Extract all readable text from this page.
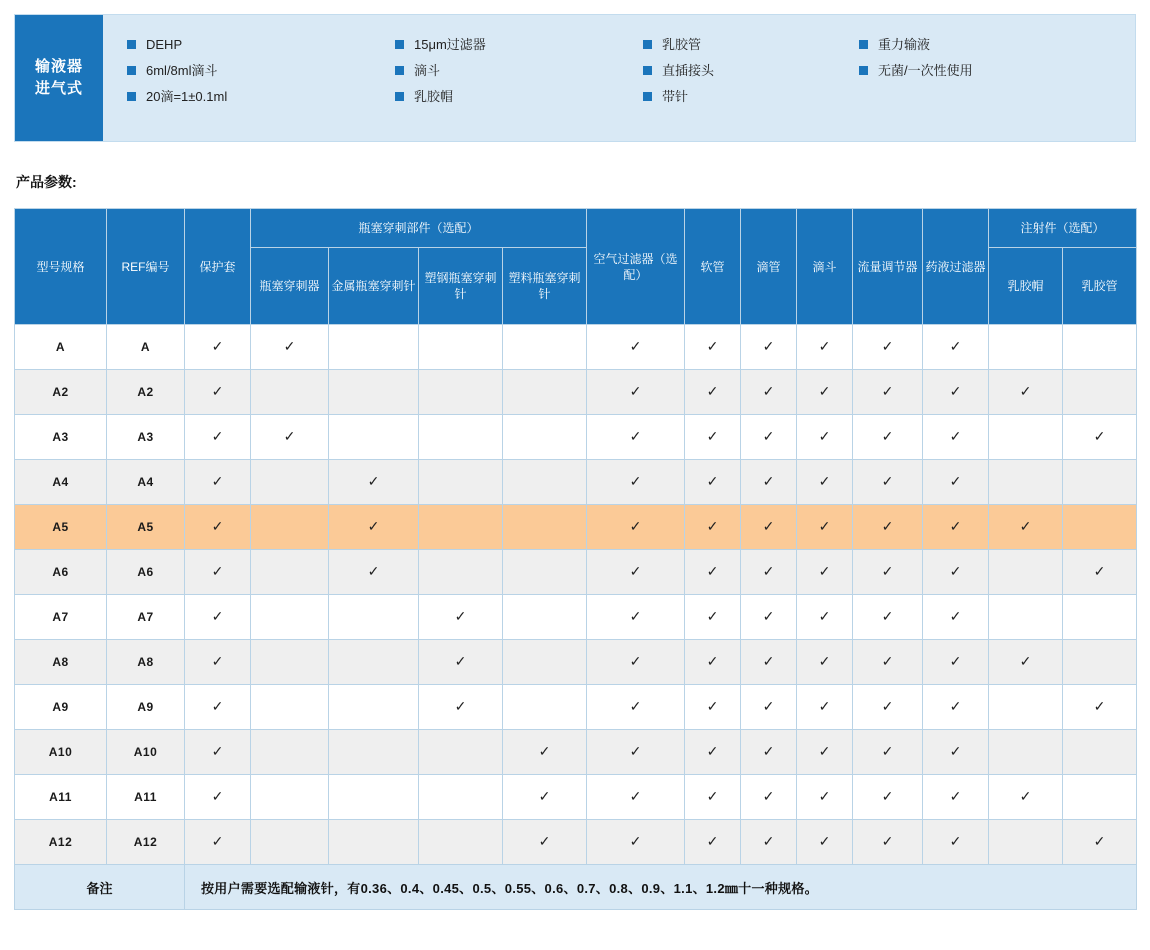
输液器
进气式
DEHP
6ml/8ml滴斗
20滴=1±0.1ml
15μm过滤器
滴斗
乳胶帽
乳胶管
直插接头
带针
重力输液
无菌/一次性使用
产品参数:
型号规格	REF编号	保护套	瓶塞穿刺部件（选配）				空气过滤器（选配）	软管	滴管	滴斗	流量调节器	药液过滤器	注射件（选配）	
			瓶塞穿刺器	金属瓶塞穿刺针	塑钢瓶塞穿刺针	塑料瓶塞穿刺针							乳胶帽	乳胶管
A	A	✓	✓				✓	✓	✓	✓	✓	✓		
A2	A2	✓					✓	✓	✓	✓	✓	✓	✓	
A3	A3	✓	✓				✓	✓	✓	✓	✓	✓		✓
A4	A4	✓		✓			✓	✓	✓	✓	✓	✓		
A5	A5	✓		✓			✓	✓	✓	✓	✓	✓	✓	
A6	A6	✓		✓			✓	✓	✓	✓	✓	✓		✓
A7	A7	✓			✓		✓	✓	✓	✓	✓	✓		
A8	A8	✓			✓		✓	✓	✓	✓	✓	✓	✓	
A9	A9	✓			✓		✓	✓	✓	✓	✓	✓		✓
A10	A10	✓				✓	✓	✓	✓	✓	✓	✓		
A11	A11	✓				✓	✓	✓	✓	✓	✓	✓	✓	
A12	A12	✓				✓	✓	✓	✓	✓	✓	✓		✓
备注		按用户需要选配输液针，有0.36、0.4、0.45、0.5、0.55、0.6、0.7、0.8、0.9、1.1、1.2㎜十一种规格。												
